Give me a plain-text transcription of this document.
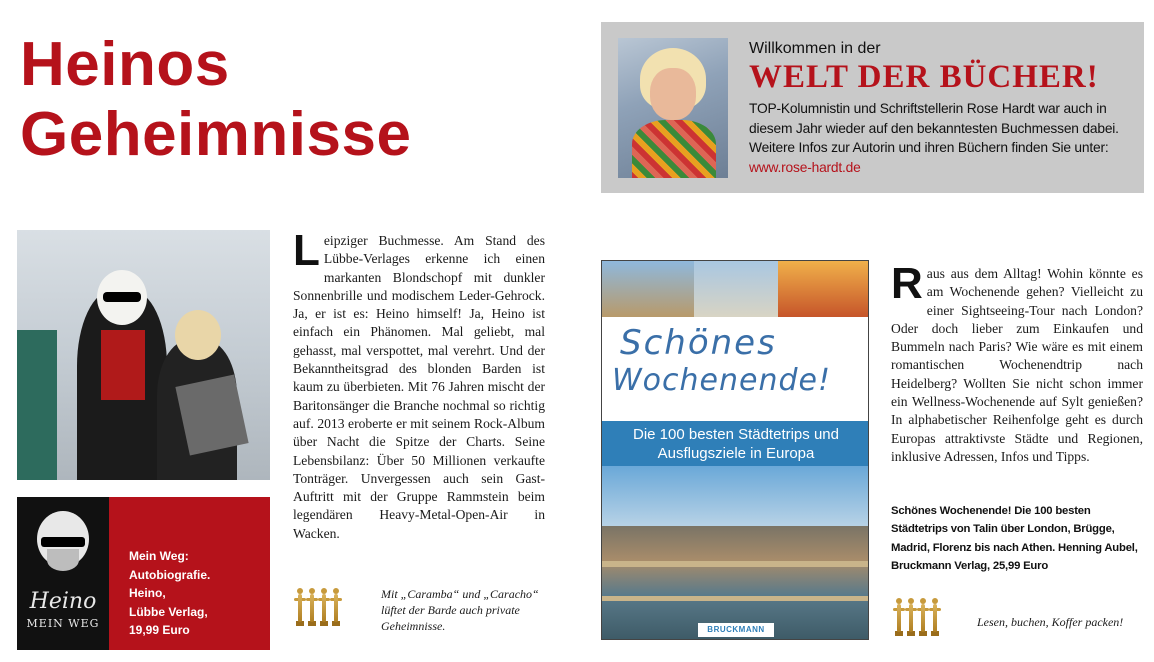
Heinos
Geheimnisse
Willkommen in der
WELT DER BÜCHER!
TOP-Kolumnistin und Schriftstellerin Rose Hardt war auch in diesem Jahr wieder auf den bekanntesten Buchmessen dabei. Weitere Infos zur Autorin und ihren Büchern finden Sie unter: www.rose-hardt.de
Heino
MEIN WEG
Mein Weg:
Autobiografie.
Heino,
Lübbe Verlag,
19,99 Euro
Leipziger Buchmesse. Am Stand des Lübbe-Verlages erkenne ich einen markanten Blondschopf mit dunkler Sonnenbrille und modischem Leder-Gehrock. Ja, er ist es: Heino himself! Ja, Heino ist einfach ein Phänomen. Mal geliebt, mal gehasst, mal verspottet, mal verehrt. Und der Bekanntheitsgrad des blonden Barden ist kaum zu überbieten. Mit 76 Jahren mischt der Baritonsänger die Branche nochmal so richtig auf. 2013 eroberte er mit seinem Rock-Album über Nacht die Spitze der Charts. Seine Lebensbilanz: Über 50 Millionen verkaufte Tonträger. Unvergessen auch sein Gast-Auftritt mit der Gruppe Rammstein beim legendären Heavy-Metal-Open-Air in Wacken.
Mit „Caramba“ und „Caracho“ lüftet der Barde auch private Geheimnisse.
Schönes
Wochenende!
Die 100 besten Städtetrips und Ausflugsziele in Europa
BRUCKMANN
Raus aus dem Alltag! Wohin könnte es am Wochenende gehen? Vielleicht zu einer Sightseeing-Tour nach London? Oder doch lieber zum Einkaufen und Bummeln nach Paris? Wie wäre es mit einem romantischen Wochenendtrip nach Heidelberg? Wollten Sie nicht schon immer ein Wellness-Wochenende auf Sylt genießen? In alphabetischer Reihenfolge geht es durch Europas attraktivste Städte und Regionen, inklusive Adressen, Infos und Tipps.
Schönes Wochenende! Die 100 besten Städtetrips von Talin über London, Brügge, Madrid, Florenz bis nach Athen. Henning Aubel, Bruckmann Verlag, 25,99 Euro
Lesen, buchen, Koffer packen!
